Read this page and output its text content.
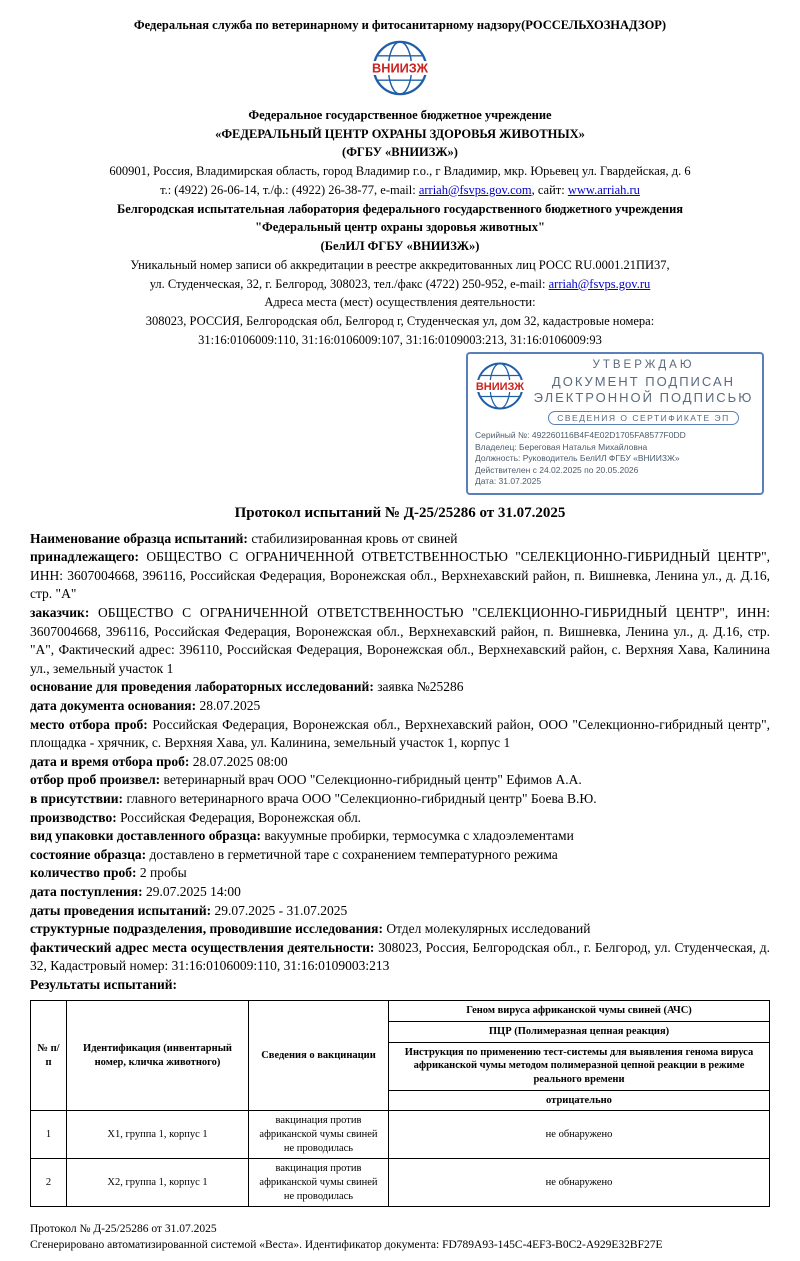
Федеральная служба по ветеринарному и фитосанитарному надзору(РОССЕЛЬХОЗНАДЗОР)

ВНИИЗЖ

Федеральное государственное бюджетное учреждение

«ФЕДЕРАЛЬНЫЙ ЦЕНТР ОХРАНЫ ЗДОРОВЬЯ ЖИВОТНЫХ»

(ФГБУ «ВНИИЗЖ»)

600901, Россия, Владимирская область, город Владимир г.о., г Владимир, мкр. Юрьевец ул. Гвардейская, д. 6

т.: (4922) 26-06-14, т./ф.: (4922) 26-38-77, e-mail: arriah@fsvps.gov.com, сайт: www.arriah.ru

Белгородская испытательная лаборатория федерального государственного бюджетного учреждения

"Федеральный центр охраны здоровья животных"

(БелИЛ ФГБУ «ВНИИЗЖ»)

Уникальный номер записи об аккредитации в реестре аккредитованных лиц РОСС RU.0001.21ПИ37,

ул. Студенческая, 32, г. Белгород, 308023, тел./факс (4722) 250-952, e-mail: arriah@fsvps.gov.ru

Адреса места (мест) осуществления деятельности:

308023, РОССИЯ, Белгородская обл, Белгород г, Студенческая ул, дом 32, кадастровые номера:

31:16:0106009:110, 31:16:0106009:107, 31:16:0109003:213, 31:16:0106009:93

ВНИИЗЖ
УТВЕРЖДАЮ
ДОКУМЕНТ ПОДПИСАН
ЭЛЕКТРОННОЙ ПОДПИСЬЮ
СВЕДЕНИЯ О СЕРТИФИКАТЕ ЭП
Серийный №: 492260116B4F4E02D1705FA8577F0DD
Владелец: Береговая Наталья Михайловна
Должность: Руководитель БелИЛ ФГБУ «ВНИИЗЖ»
Действителен с 24.02.2025 по 20.05.2026
Дата: 31.07.2025
Протокол испытаний № Д-25/25286 от 31.07.2025

Наименование образца испытаний: стабилизированная кровь от свиней

принадлежащего: ОБЩЕСТВО С ОГРАНИЧЕННОЙ ОТВЕТСТВЕННОСТЬЮ "СЕЛЕКЦИОННО-ГИБРИДНЫЙ ЦЕНТР", ИНН: 3607004668, 396116, Российская Федерация, Воронежская обл., Верхнехавский район, п. Вишневка, Ленина ул., д. Д.16, стр. "А"

заказчик: ОБЩЕСТВО С ОГРАНИЧЕННОЙ ОТВЕТСТВЕННОСТЬЮ "СЕЛЕКЦИОННО-ГИБРИДНЫЙ ЦЕНТР", ИНН: 3607004668, 396116, Российская Федерация, Воронежская обл., Верхнехавский район, п. Вишневка, Ленина ул., д. Д.16, стр. "А", Фактический адрес: 396110, Российская Федерация, Воронежская обл., Верхнехавский район, с. Верхняя Хава, Калинина ул., земельный участок 1

основание для проведения лабораторных исследований: заявка №25286

дата документа основания: 28.07.2025

место отбора проб: Российская Федерация, Воронежская обл., Верхнехавский район, ООО "Селекционно-гибридный центр", площадка - хрячник, с. Верхняя Хава, ул. Калинина, земельный участок 1, корпус 1

дата и время отбора проб: 28.07.2025 08:00

отбор проб произвел: ветеринарный врач ООО "Селекционно-гибридный центр" Ефимов А.А.

в присутствии: главного ветеринарного врача ООО "Селекционно-гибридный центр" Боева В.Ю.

производство: Российская Федерация, Воронежская обл.

вид упаковки доставленного образца: вакуумные пробирки, термосумка с хладоэлементами

состояние образца: доставлено в герметичной таре с сохранением температурного режима

количество проб: 2 пробы

дата поступления: 29.07.2025 14:00

даты проведения испытаний: 29.07.2025 - 31.07.2025

структурные подразделения, проводившие исследования: Отдел молекулярных исследований

фактический адрес места осуществления деятельности: 308023, Россия, Белгородская обл., г. Белгород, ул. Студенческая, д. 32, Кадастровый номер: 31:16:0106009:110, 31:16:0109003:213

Результаты испытаний:

№ п/п	Идентификация (инвентарный номер, кличка животного)	Сведения о вакцинации	Геном вируса африканской чумы свиней (АЧС)
			ПЦР (Полимеразная цепная реакция)
			Инструкция по применению тест-системы для выявления генома вируса африканской чумы методом полимеразной цепной реакции в режиме реального времени
			отрицательно
1	X1, группа 1, корпус 1	вакцинация против африканской чумы свиней не проводилась	не обнаружено
2	X2, группа 1, корпус 1	вакцинация против африканской чумы свиней не проводилась	не обнаружено
Протокол № Д-25/25286 от 31.07.2025
Сгенерировано автоматизированной системой «Веста». Идентификатор документа: FD789A93-145C-4EF3-B0C2-A929E32BF27E
